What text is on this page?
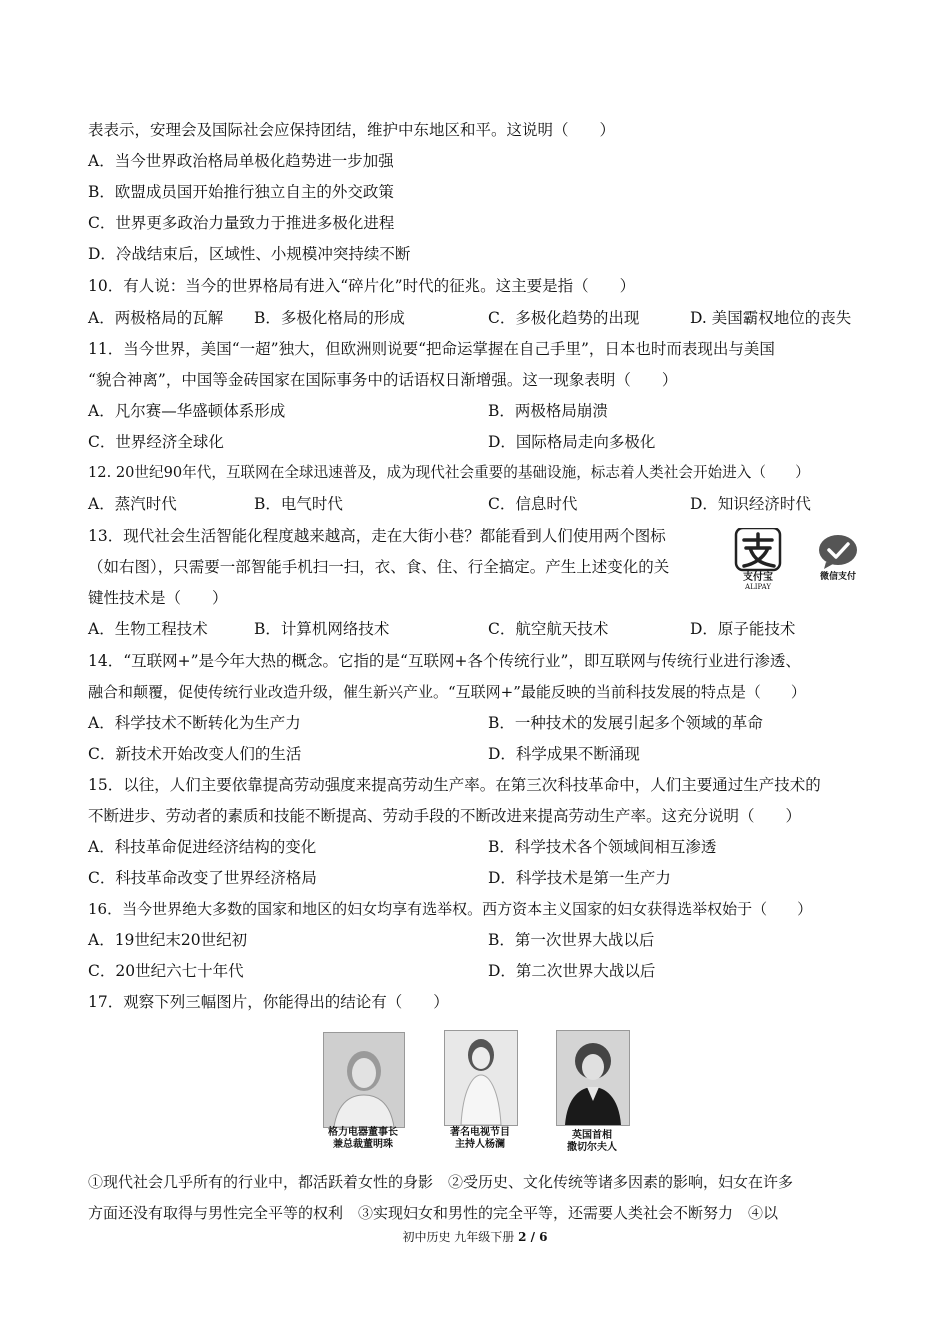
表表示，安理会及国际社会应保持团结，维护中东地区和平。这说明（　　）
A．当今世界政治格局单极化趋势进一步加强
B．欧盟成员国开始推行独立自主的外交政策
C．世界更多政治力量致力于推进多极化进程
D．冷战结束后，区域性、小规模冲突持续不断
10．有人说：当今的世界格局有进入“碎片化”时代的征兆。这主要是指（　　）
A．两极格局的瓦解 B．多极化格局的形成	C．多极化趋势的出现	D. 美国霸权地位的丧失
11．当今世界，美国“一超”独大，但欧洲则说要“把命运掌握在自己手里”，日本也时而表现出与美国
“貌合神离”，中国等金砖国家在国际事务中的话语权日渐增强。这一现象表明（　　）
A．凡尔赛—华盛顿体系形成	B．两极格局崩溃
C．世界经济全球化	D．国际格局走向多极化
12. 20世纪90年代，互联网在全球迅速普及，成为现代社会重要的基础设施，标志着人类社会开始进入（　　）
A．蒸汽时代	B．电气时代	C．信息时代	D．知识经济时代
13．现代社会生活智能化程度越来越高，走在大街小巷？都能看到人们使用两个图标
（如右图），只需要一部智能手机扫一扫，衣、食、住、行全搞定。产生上述变化的关
键性技术是（　　）
支付宝
ALIPAY
微信支付
A．生物工程技术	B．计算机网络技术	C．航空航天技术	D．原子能技术
14．“互联网+”是今年大热的概念。它指的是“互联网+各个传统行业”，即互联网与传统行业进行渗透、
融合和颠覆，促使传统行业改造升级，催生新兴产业。“互联网+”最能反映的当前科技发展的特点是（　　）
A．科学技术不断转化为生产力	B．一种技术的发展引起多个领域的革命
C．新技术开始改变人们的生活	D．科学成果不断涌现
15．以往，人们主要依靠提高劳动强度来提高劳动生产率。在第三次科技革命中，人们主要通过生产技术的
不断进步、劳动者的素质和技能不断提高、劳动手段的不断改进来提高劳动生产率。这充分说明（　　）
A．科技革命促进经济结构的变化	B．科学技术各个领域间相互渗透
C．科技革命改变了世界经济格局	D．科学技术是第一生产力
16．当今世界绝大多数的国家和地区的妇女均享有选举权。西方资本主义国家的妇女获得选举权始于（　　）
A．19世纪末20世纪初	B．第一次世界大战以后
C．20世纪六七十年代	D．第二次世界大战以后
17．观察下列三幅图片，你能得出的结论有（　　）
格力电器董事长
兼总裁董明珠
著名电视节目
主持人杨澜
英国首相
撒切尔夫人
①现代社会几乎所有的行业中，都活跃着女性的身影　②受历史、文化传统等诸多因素的影响，妇女在许多
方面还没有取得与男性完全平等的权利　③实现妇女和男性的完全平等，还需要人类社会不断努力　④以
初中历史 九年级下册 2 / 6
